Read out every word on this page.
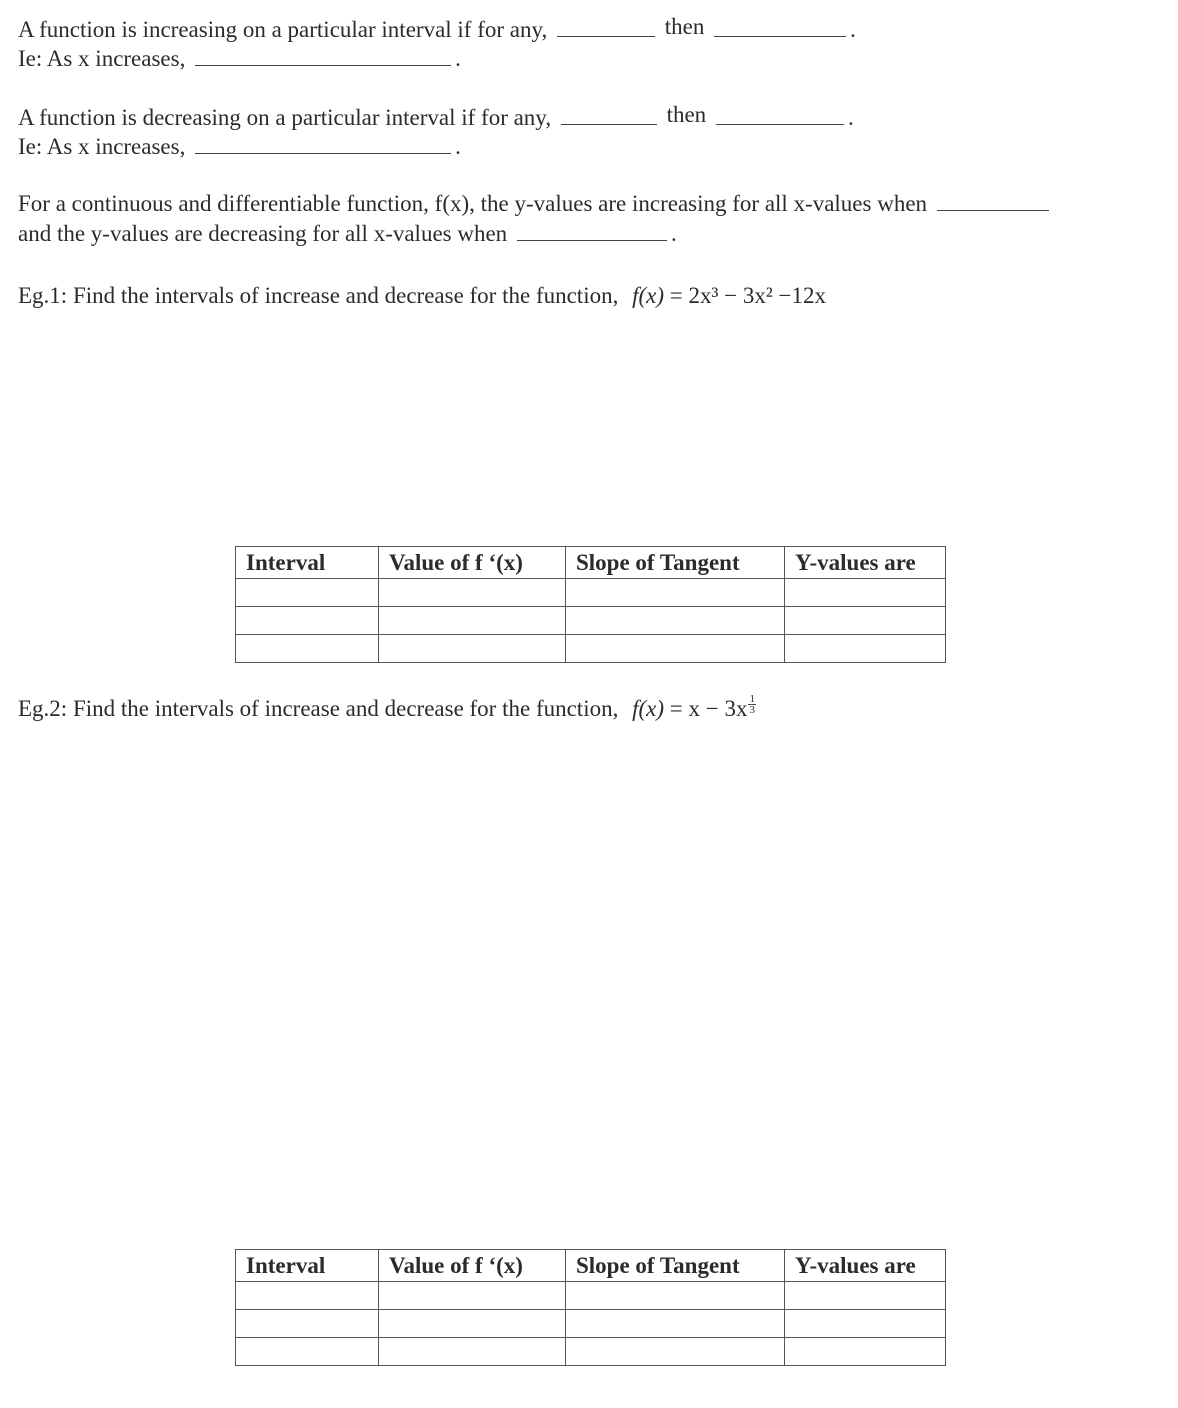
A function is increasing on a particular interval if for any,	then	.
Ie: As x increases,	.
A function is decreasing on a particular interval if for any,	then	.
Ie: As x increases,	.
For a continuous and differentiable function, f(x), the y-values are increasing for all x-values when
and the y-values are decreasing for all x-values when	.
Eg.1: Find the intervals of increase and decrease for the function, f(x) = 2x³ − 3x² −12x
Interval	Value of f ‘(x)	Slope of Tangent	Y-values are

Eg.2: Find the intervals of increase and decrease for the function, $f(x) = x - 3x \frac{1}{3}$
Interval	Value of f ‘(x)	Slope of Tangent	Y-values are
